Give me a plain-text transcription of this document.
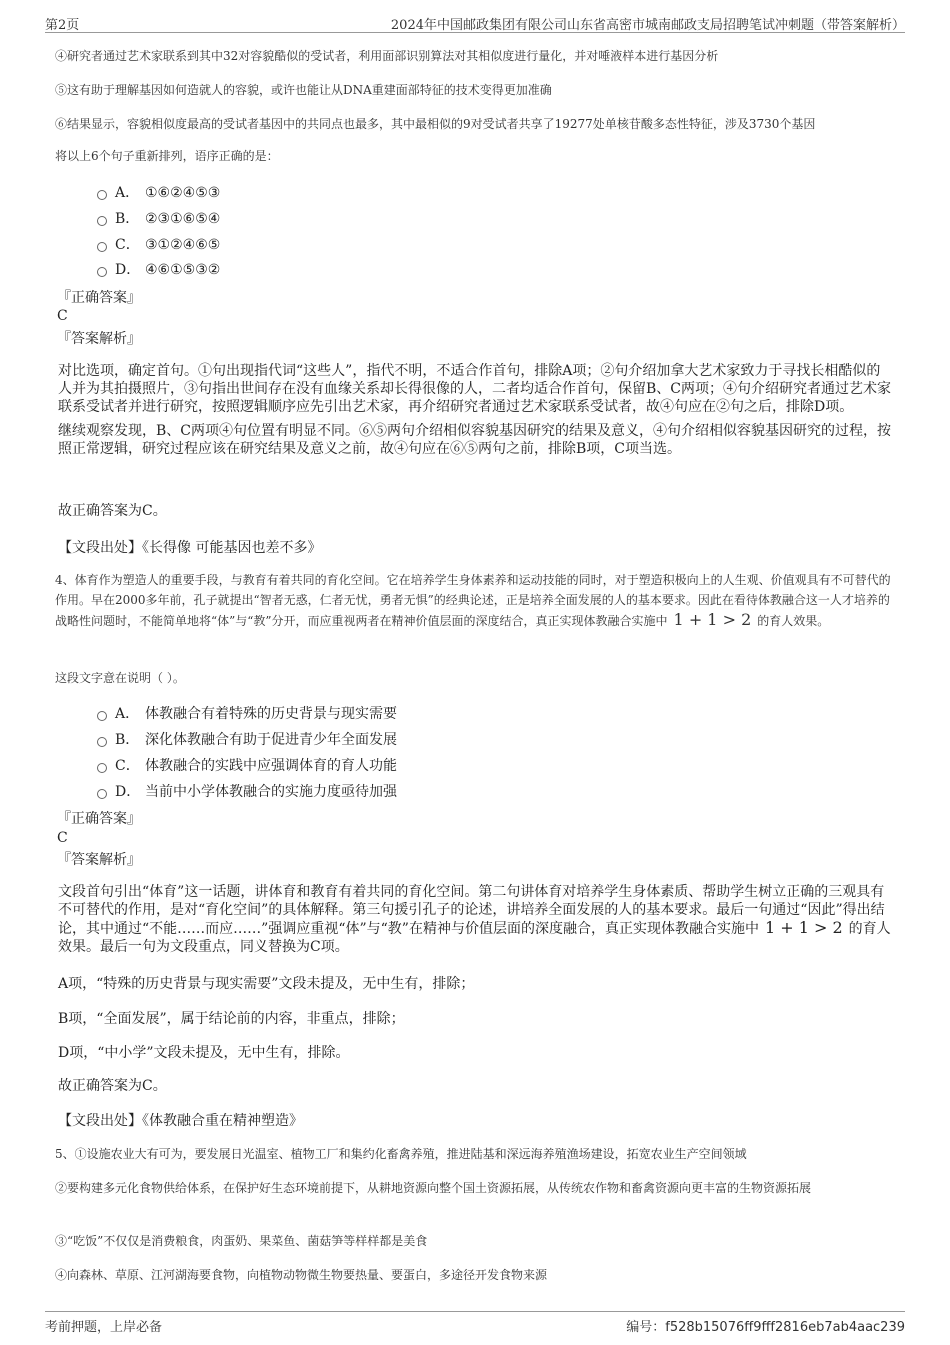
第2页	2024年中国邮政集团有限公司山东省高密市城南邮政支局招聘笔试冲刺题（带答案解析）
④研究者通过艺术家联系到其中32对容貌酷似的受试者，利用面部识别算法对其相似度进行量化，并对唾液样本进行基因分析
⑤这有助于理解基因如何造就人的容貌，或许也能让从DNA重建面部特征的技术变得更加准确
⑥结果显示，容貌相似度最高的受试者基因中的共同点也最多，其中最相似的9对受试者共享了19277处单核苷酸多态性特征，涉及3730个基因
将以上6个句子重新排列，语序正确的是：
A． ①⑥②④⑤③
B． ②③①⑥⑤④
C． ③①②④⑥⑤
D． ④⑥①⑤③②
『正确答案』
C
『答案解析』
对比选项，确定首句。①句出现指代词“这些人”，指代不明，不适合作首句，排除A项；②句介绍加拿大艺术家致力于寻找长相酷似的人并为其拍摄照片，③句指出世间存在没有血缘关系却长得很像的人，二者均适合作首句，保留B、C两项；④句介绍研究者通过艺术家联系受试者并进行研究，按照逻辑顺序应先引出艺术家，再介绍研究者通过艺术家联系受试者，故④句应在②句之后，排除D项。
继续观察发现，B、C两项④句位置有明显不同。⑥⑤两句介绍相似容貌基因研究的结果及意义，④句介绍相似容貌基因研究的过程，按照正常逻辑，研究过程应该在研究结果及意义之前，故④句应在⑥⑤两句之前，排除B项，C项当选。
故正确答案为C。
【文段出处】《长得像 可能基因也差不多》
4、体育作为塑造人的重要手段，与教育有着共同的育化空间。它在培养学生身体素养和运动技能的同时，对于塑造积极向上的人生观、价值观具有不可替代的作用。早在2000多年前，孔子就提出“智者无惑，仁者无忧，勇者无惧”的经典论述，正是培养全面发展的人的基本要求。因此在看待体教融合这一人才培养的战略性问题时，不能简单地将“体”与“教”分开，而应重视两者在精神价值层面的深度结合，真正实现体教融合实施中 1 + 1 > 2 的育人效果。
这段文字意在说明（ ）。
A． 体教融合有着特殊的历史背景与现实需要
B． 深化体教融合有助于促进青少年全面发展
C． 体教融合的实践中应强调体育的育人功能
D． 当前中小学体教融合的实施力度亟待加强
『正确答案』
C
『答案解析』
文段首句引出“体育”这一话题，讲体育和教育有着共同的育化空间。第二句讲体育对培养学生身体素质、帮助学生树立正确的三观具有不可替代的作用，是对“育化空间”的具体解释。第三句援引孔子的论述，讲培养全面发展的人的基本要求。最后一句通过“因此”得出结论，其中通过“不能……而应……”强调应重视“体”与“教”在精神与价值层面的深度融合，真正实现体教融合实施中 1 + 1 > 2 的育人效果。最后一句为文段重点，同义替换为C项。
A项，“特殊的历史背景与现实需要”文段未提及，无中生有，排除；
B项，“全面发展”，属于结论前的内容，非重点，排除；
D项，“中小学”文段未提及，无中生有，排除。
故正确答案为C。
【文段出处】《体教融合重在精神塑造》
5、①设施农业大有可为，要发展日光温室、植物工厂和集约化畜禽养殖，推进陆基和深远海养殖渔场建设，拓宽农业生产空间领域
②要构建多元化食物供给体系，在保护好生态环境前提下，从耕地资源向整个国土资源拓展，从传统农作物和畜禽资源向更丰富的生物资源拓展
③“吃饭”不仅仅是消费粮食，肉蛋奶、果菜鱼、菌菇笋等样样都是美食
④向森林、草原、江河湖海要食物，向植物动物微生物要热量、要蛋白，多途径开发食物来源
考前押题，上岸必备	编号：f528b15076ff9fff2816eb7ab4aac239
